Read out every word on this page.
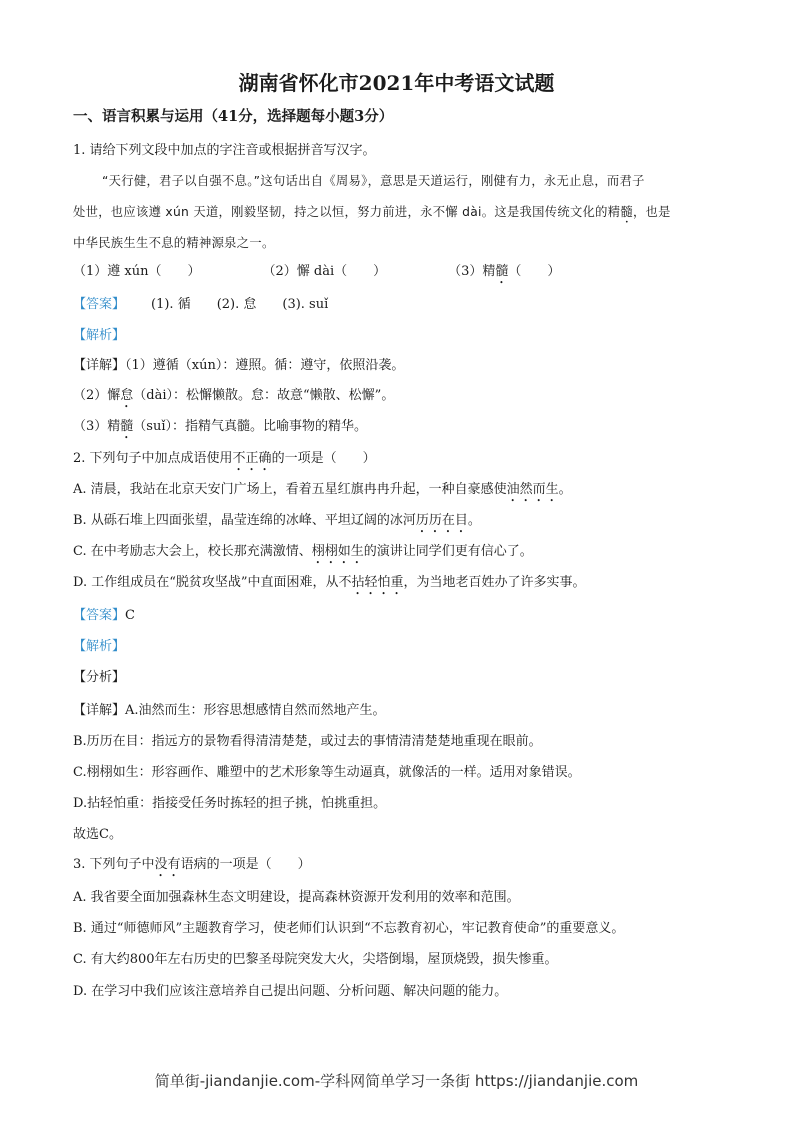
湖南省怀化市2021年中考语文试题
一、语言积累与运用（41分，选择题每小题3分）
1. 请给下列文段中加点的字注音或根据拼音写汉字。
“天行健，君子以自强不息。”这句话出自《周易》，意思是天道运行，刚健有力，永无止息，而君子
处世，也应该遵 xún 天道，刚毅坚韧，持之以恒，努力前进，永不懈 dài。这是我国传统文化的精髓，也是
中华民族生生不息的精神源泉之一。
（1）遵 xún（　　）	（2）懈 dài（　　）	（3）精髓（　　）
【答案】 (1). 循　　(2). 怠　　(3). suǐ
【解析】
【详解】（1）遵循（xún）：遵照。循：遵守，依照沿袭。
（2）懈怠（dài）：松懈懒散。怠：故意“懒散、松懈”。
（3）精髓（suǐ）：指精气真髓。比喻事物的精华。
2. 下列句子中加点成语使用不正确的一项是（　　）
A. 清晨，我站在北京天安门广场上，看着五星红旗冉冉升起，一种自豪感使油然而生。
B. 从砾石堆上四面张望，晶莹连绵的冰峰、平坦辽阔的冰河历历在目。
C. 在中考励志大会上，校长那充满激情、栩栩如生的演讲让同学们更有信心了。
D. 工作组成员在“脱贫攻坚战”中直面困难，从不拈轻怕重，为当地老百姓办了许多实事。
【答案】C
【解析】
【分析】
【详解】A.油然而生：形容思想感情自然而然地产生。
B.历历在目：指远方的景物看得清清楚楚，或过去的事情清清楚楚地重现在眼前。
C.栩栩如生：形容画作、雕塑中的艺术形象等生动逼真，就像活的一样。适用对象错误。
D.拈轻怕重：指接受任务时拣轻的担子挑，怕挑重担。
故选C。
3. 下列句子中没有语病的一项是（　　）
A. 我省要全面加强森林生态文明建设，提高森林资源开发利用的效率和范围。
B. 通过“师德师风”主题教育学习，使老师们认识到“不忘教育初心，牢记教育使命”的重要意义。
C. 有大约800年左右历史的巴黎圣母院突发大火，尖塔倒塌，屋顶烧毁，损失惨重。
D. 在学习中我们应该注意培养自己提出问题、分析问题、解决问题的能力。
简单街-jiandanjie.com-学科网简单学习一条街 https://jiandanjie.com
